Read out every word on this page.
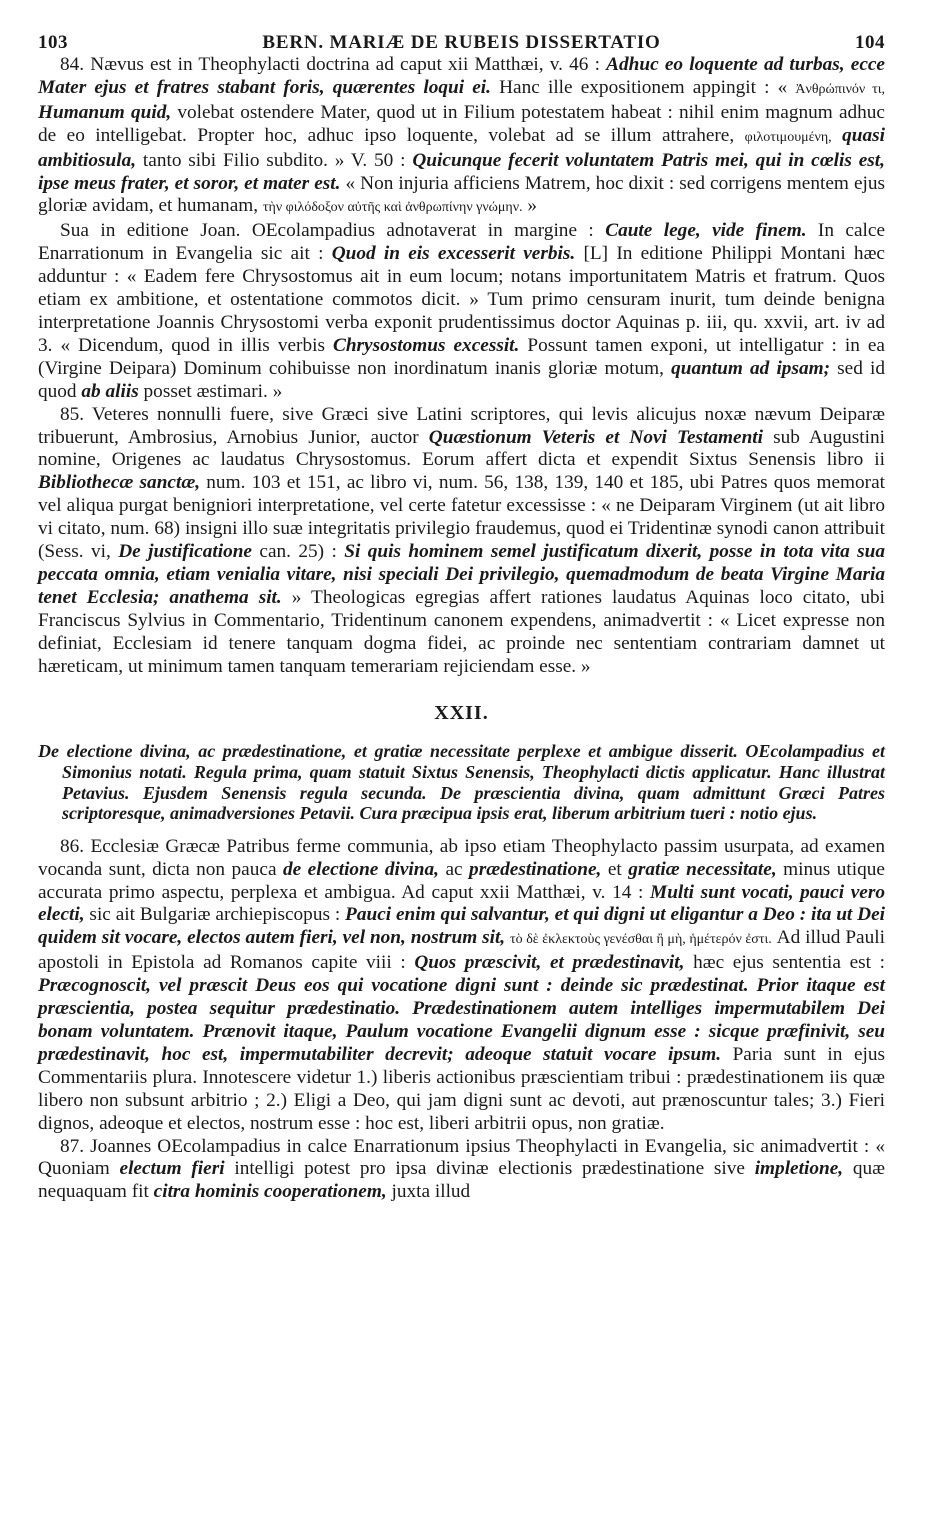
103	BERN. MARIÆ DE RUBEIS DISSERTATIO	104

84. Nævus est in Theophylacti doctrina ad caput xii Matthæi, v. 46 : Adhuc eo loquente ad turbas, ecce Mater ejus et fratres stabant foris, quærentes loqui ei. Hanc ille expositionem appingit : « Ἀνθρώπινόν τι, Humanum quid, volebat ostendere Mater, quod ut in Filium potestatem habeat : nihil enim magnum adhuc de eo intelligebat. Propter hoc, adhuc ipso loquente, volebat ad se illum attrahere, φιλοτιμουμένη, quasi ambitiosula, tanto sibi Filio subdito. » V. 50 : Quicunque fecerit voluntatem Patris mei, qui in cœlis est, ipse meus frater, et soror, et mater est. « Non injuria afficiens Matrem, hoc dixit : sed corrigens mentem ejus gloriæ avidam, et humanam, τὴν φιλόδοξον αὐτῆς καὶ ἀνθρωπίνην γνώμην. »

Sua in editione Joan. OEcolampadius adnotaverat in margine : Caute lege, vide finem. In calce Enarrationum in Evangelia sic ait : Quod in eis excesserit verbis. [L] In editione Philippi Montani hæc adduntur : « Eadem fere Chrysostomus ait in eum locum; notans importunitatem Matris et fratrum. Quos etiam ex ambitione, et ostentatione commotos dicit. » Tum primo censuram inurit, tum deinde benigna interpretatione Joannis Chrysostomi verba exponit prudentissimus doctor Aquinas p. iii, qu. xxvii, art. iv ad 3. « Dicendum, quod in illis verbis Chrysostomus excessit. Possunt tamen exponi, ut intelligatur : in ea (Virgine Deipara) Dominum cohibuisse non inordinatum inanis gloriæ motum, quantum ad ipsam; sed id quod ab aliis posset æstimari. »

85. Veteres nonnulli fuere, sive Græci sive Latini scriptores, qui levis alicujus noxæ nævum Deiparæ tribuerunt, Ambrosius, Arnobius Junior, auctor Quæstionum Veteris et Novi Testamenti sub Augustini nomine, Origenes ac laudatus Chrysostomus. Eorum affert dicta et expendit Sixtus Senensis libro ii Bibliothecæ sanctæ, num. 103 et 151, ac libro vi, num. 56, 138, 139, 140 et 185, ubi Patres quos memorat vel aliqua purgat benigniori interpretatione, vel certe fatetur excessisse : « ne Deiparam Virginem (ut ait libro vi citato, num. 68) insigni illo suæ integritatis privilegio fraudemus, quod ei Tridentinæ synodi canon attribuit (Sess. vi, De justificatione can. 25) : Si quis hominem semel justificatum dixerit, posse in tota vita sua peccata omnia, etiam venialia vitare, nisi speciali Dei privilegio, quemadmodum de beata Virgine Maria tenet Ecclesia; anathema sit. » Theologicas egregias affert rationes laudatus Aquinas loco citato, ubi Franciscus Sylvius in Commentario, Tridentinum canonem expendens, animadvertit : « Licet expresse non definiat, Ecclesiam id tenere tanquam dogma fidei, ac proinde nec sententiam contrariam damnet ut hæreticam, ut minimum tamen tanquam temerariam rejiciendam esse. »

XXII.

De electione divina, ac prædestinatione, et gratiæ necessitate perplexe et ambigue disserit. OEcolampadius et Simonius notati. Regula prima, quam statuit Sixtus Senensis, Theophylacti dictis applicatur. Hanc illustrat Petavius. Ejusdem Senensis regula secunda. De præscientia divina, quam admittunt Græci Patres scriptoresque, animadversiones Petavii. Cura præcipua ipsis erat, liberum arbitrium tueri : notio ejus.

86. Ecclesiæ Græcæ Patribus ferme communia, ab ipso etiam Theophylacto passim usurpata, ad examen vocanda sunt, dicta non pauca de electione divina, ac prædestinatione, et gratiæ necessitate, minus utique accurata primo aspectu, perplexa et ambigua. Ad caput xxii Matthæi, v. 14 : Multi sunt vocati, pauci vero electi, sic ait Bulgariæ archiepiscopus : Pauci enim qui salvantur, et qui digni ut eligantur a Deo : ita ut Dei quidem sit vocare, electos autem fieri, vel non, nostrum sit, τὸ δὲ ἐκλεκτοὺς γενέσθαι ἢ μὴ, ἡμέτερόν ἐστι. Ad illud Pauli apostoli in Epistola ad Romanos capite viii : Quos præscivit, et prædestinavit, hæc ejus sententia est : Præcognoscit, vel præscit Deus eos qui vocatione digni sunt : deinde sic prædestinat. Prior itaque est præscientia, postea sequitur prædestinatio. Prædestinationem autem intelliges impermutabilem Dei bonam voluntatem. Prænovit itaque, Paulum vocatione Evangelii dignum esse : sicque præfinivit, seu prædestinavit, hoc est, impermutabiliter decrevit; adeoque statuit vocare ipsum. Paria sunt in ejus Commentariis plura. Innotescere videtur 1.) liberis actionibus præscientiam tribui : prædestinationem iis quæ libero non subsunt arbitrio ; 2.) Eligi a Deo, qui jam digni sunt ac devoti, aut prænoscuntur tales; 3.) Fieri dignos, adeoque et electos, nostrum esse : hoc est, liberi arbitrii opus, non gratiæ.

87. Joannes OEcolampadius in calce Enarrationum ipsius Theophylacti in Evangelia, sic animadvertit : « Quoniam electum fieri intelligi potest pro ipsa divinæ electionis prædestinatione sive impletione, quæ nequaquam fit citra hominis cooperationem, juxta illud
